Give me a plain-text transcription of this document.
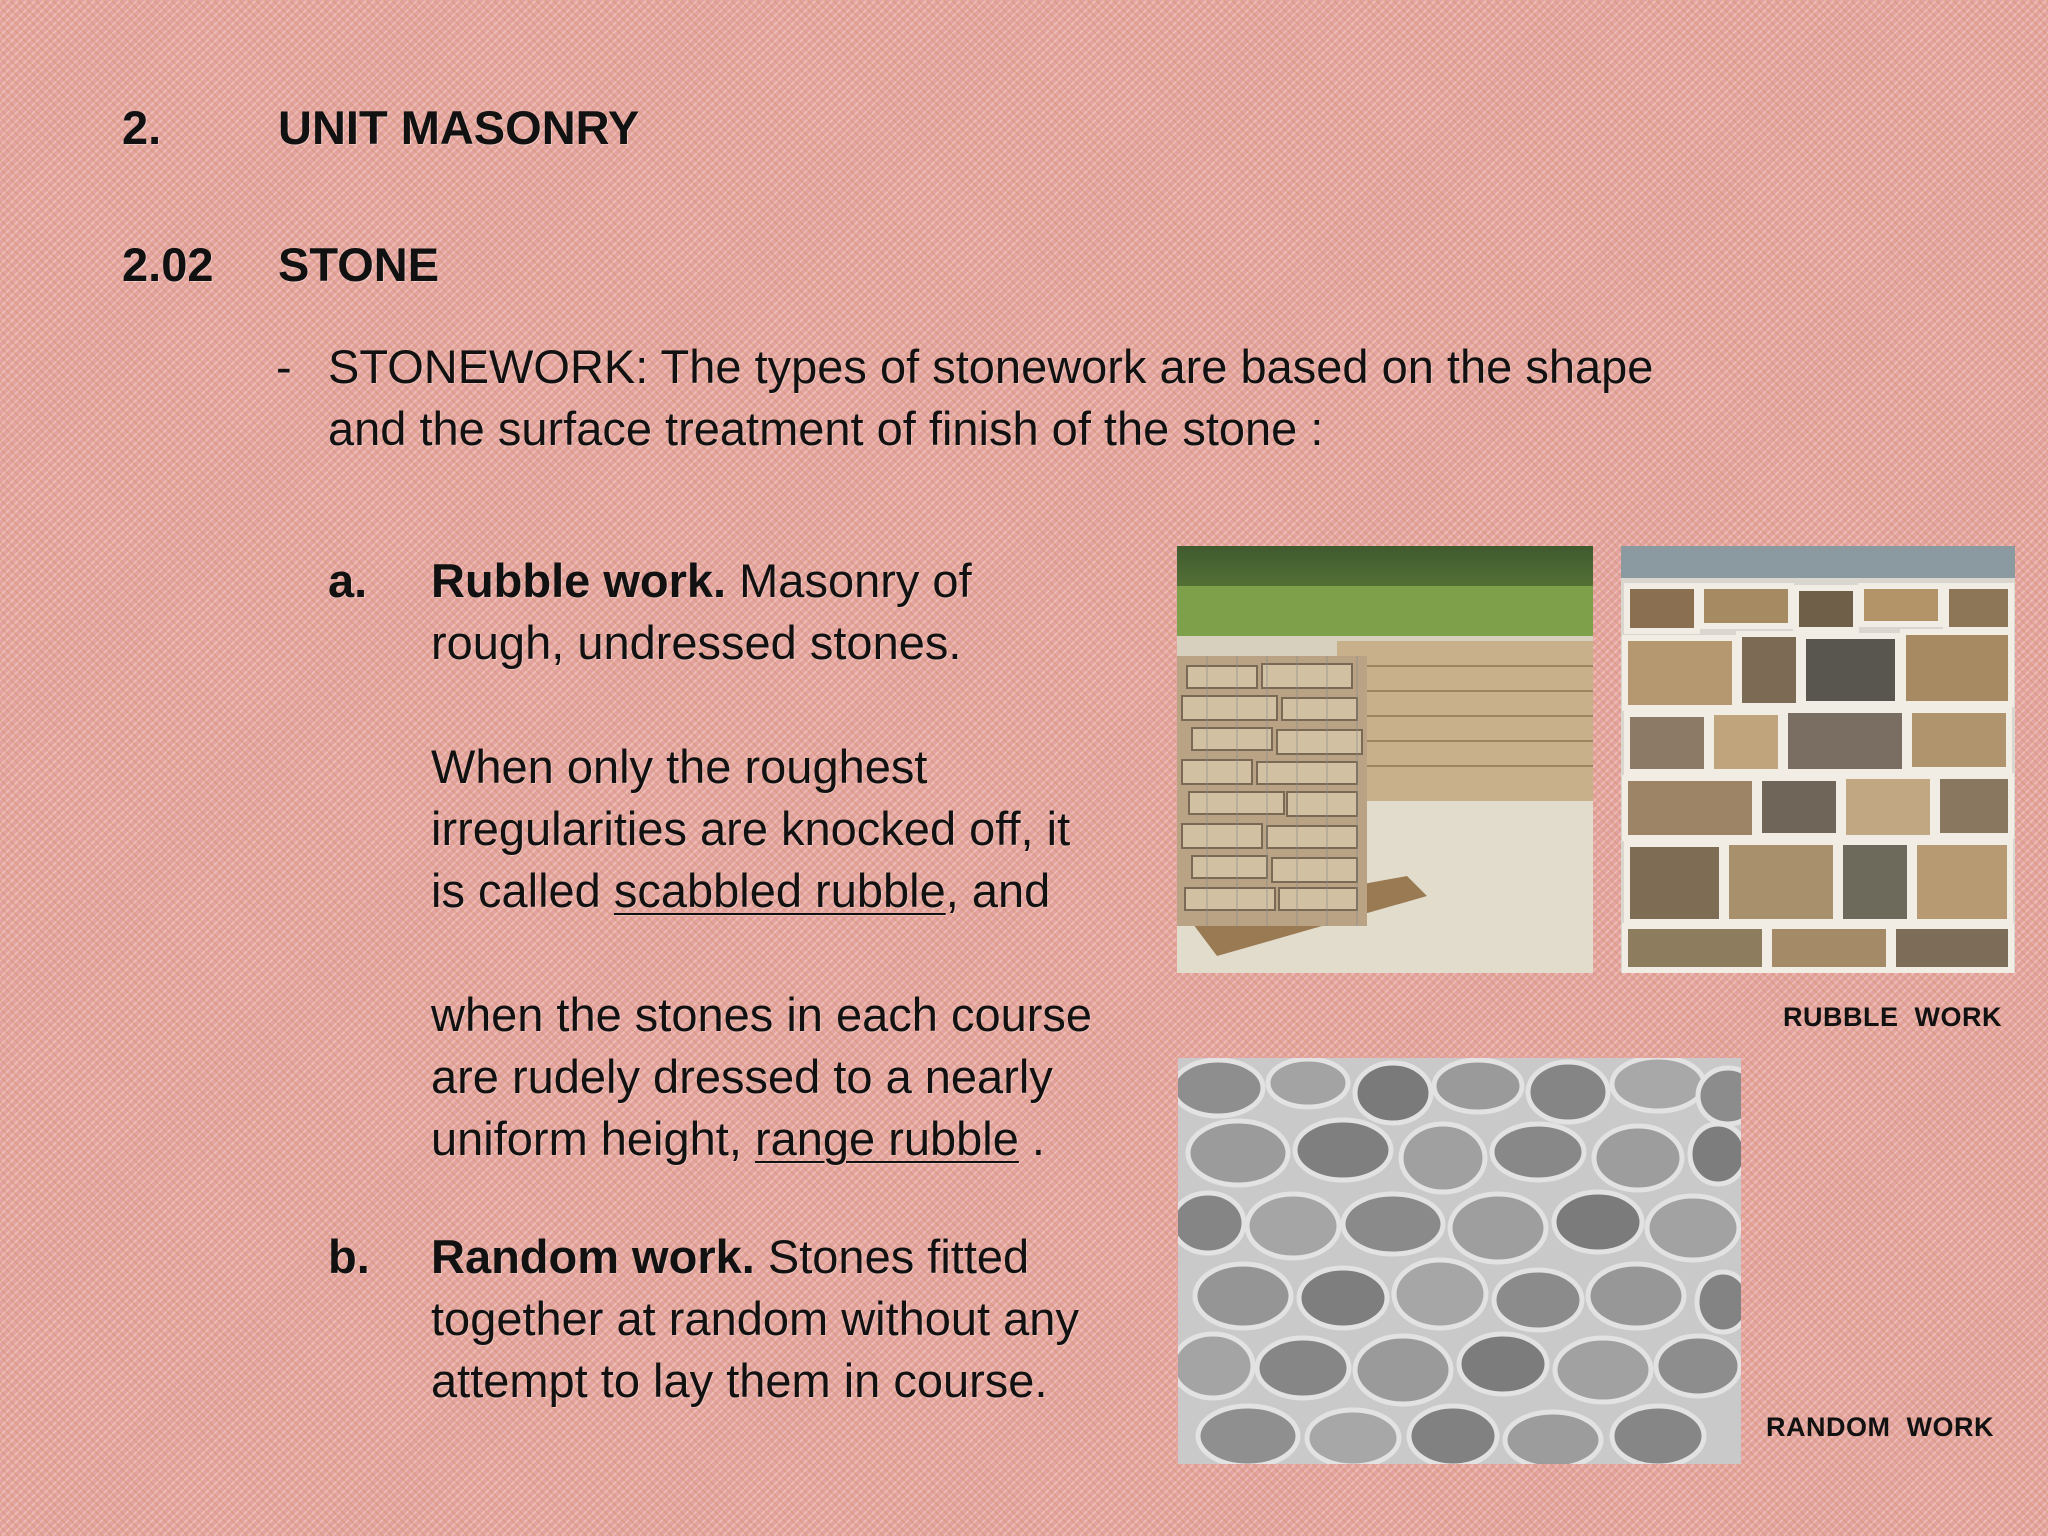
2. UNIT MASONRY
2.02 STONE
- STONEWORK: The types of stonework are based on the shape
and the surface treatment of finish of the stone :
a. Rubble work. Masonry of
rough, undressed stones.
When only the roughest
irregularities are knocked off, it
is called scabbled rubble, and
when the stones in each course
are rudely dressed to a nearly
uniform height, range rubble .
b. Random work. Stones fitted
together at random without any
attempt to lay them in course.
RUBBLE  WORK
RANDOM  WORK
